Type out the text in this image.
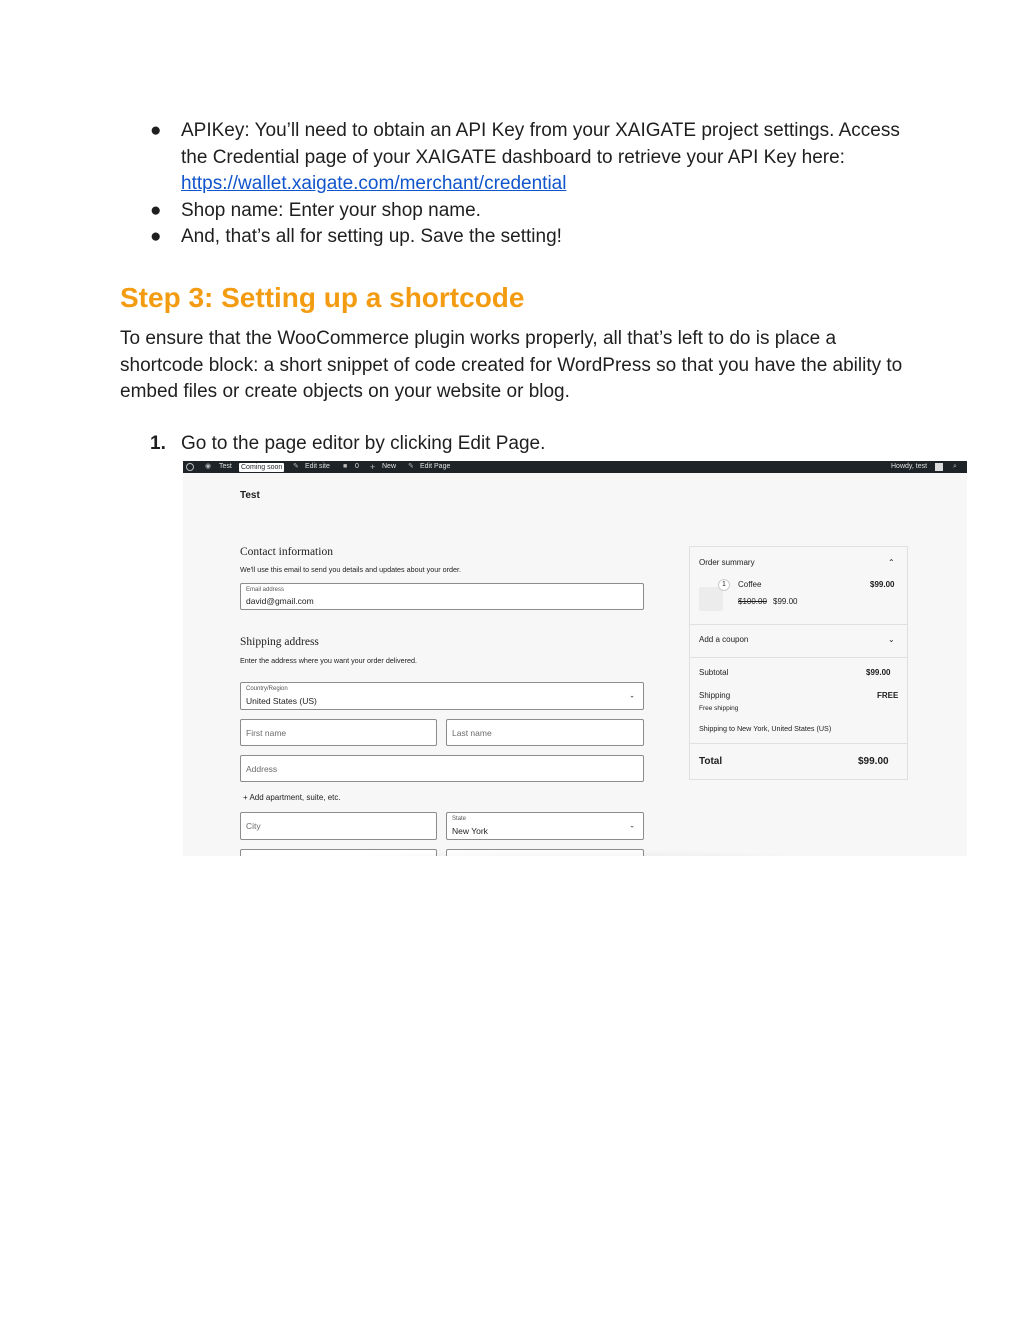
● APIKey: You’ll need to obtain an API Key from your XAIGATE project settings. Access the Credential page of your XAIGATE dashboard to retrieve your API Key here: https://wallet.xaigate.com/merchant/credential
● Shop name: Enter your shop name.
● And, that’s all for setting up. Save the setting!
Step 3: Setting up a shortcode

To ensure that the WooCommerce plugin works properly, all that’s left to do is place a shortcode block: a short snippet of code created for WordPress so that you have the ability to embed files or create objects on your website or blog.

1. Go to the page editor by clicking Edit Page.
◉ Test Coming soon ✎ Edit site ■ 0 + New ✎ Edit Page	Howdy, test	⌕
Test
Contact information
We'll use this email to send you details and updates about your order.
Email address
david@gmail.com
Shipping address
Enter the address where you want your order delivered.
Country/Region
United States (US)	⌄
First name	Last name
Address
+ Add apartment, suite, etc.
City
State
New York	⌄
Order summary	⌃
1	Coffee	$99.00
$100.00 $99.00
Add a coupon	⌄
Subtotal	$99.00
Shipping	FREE
Free shipping
Shipping to New York, United States (US)
Total	$99.00
